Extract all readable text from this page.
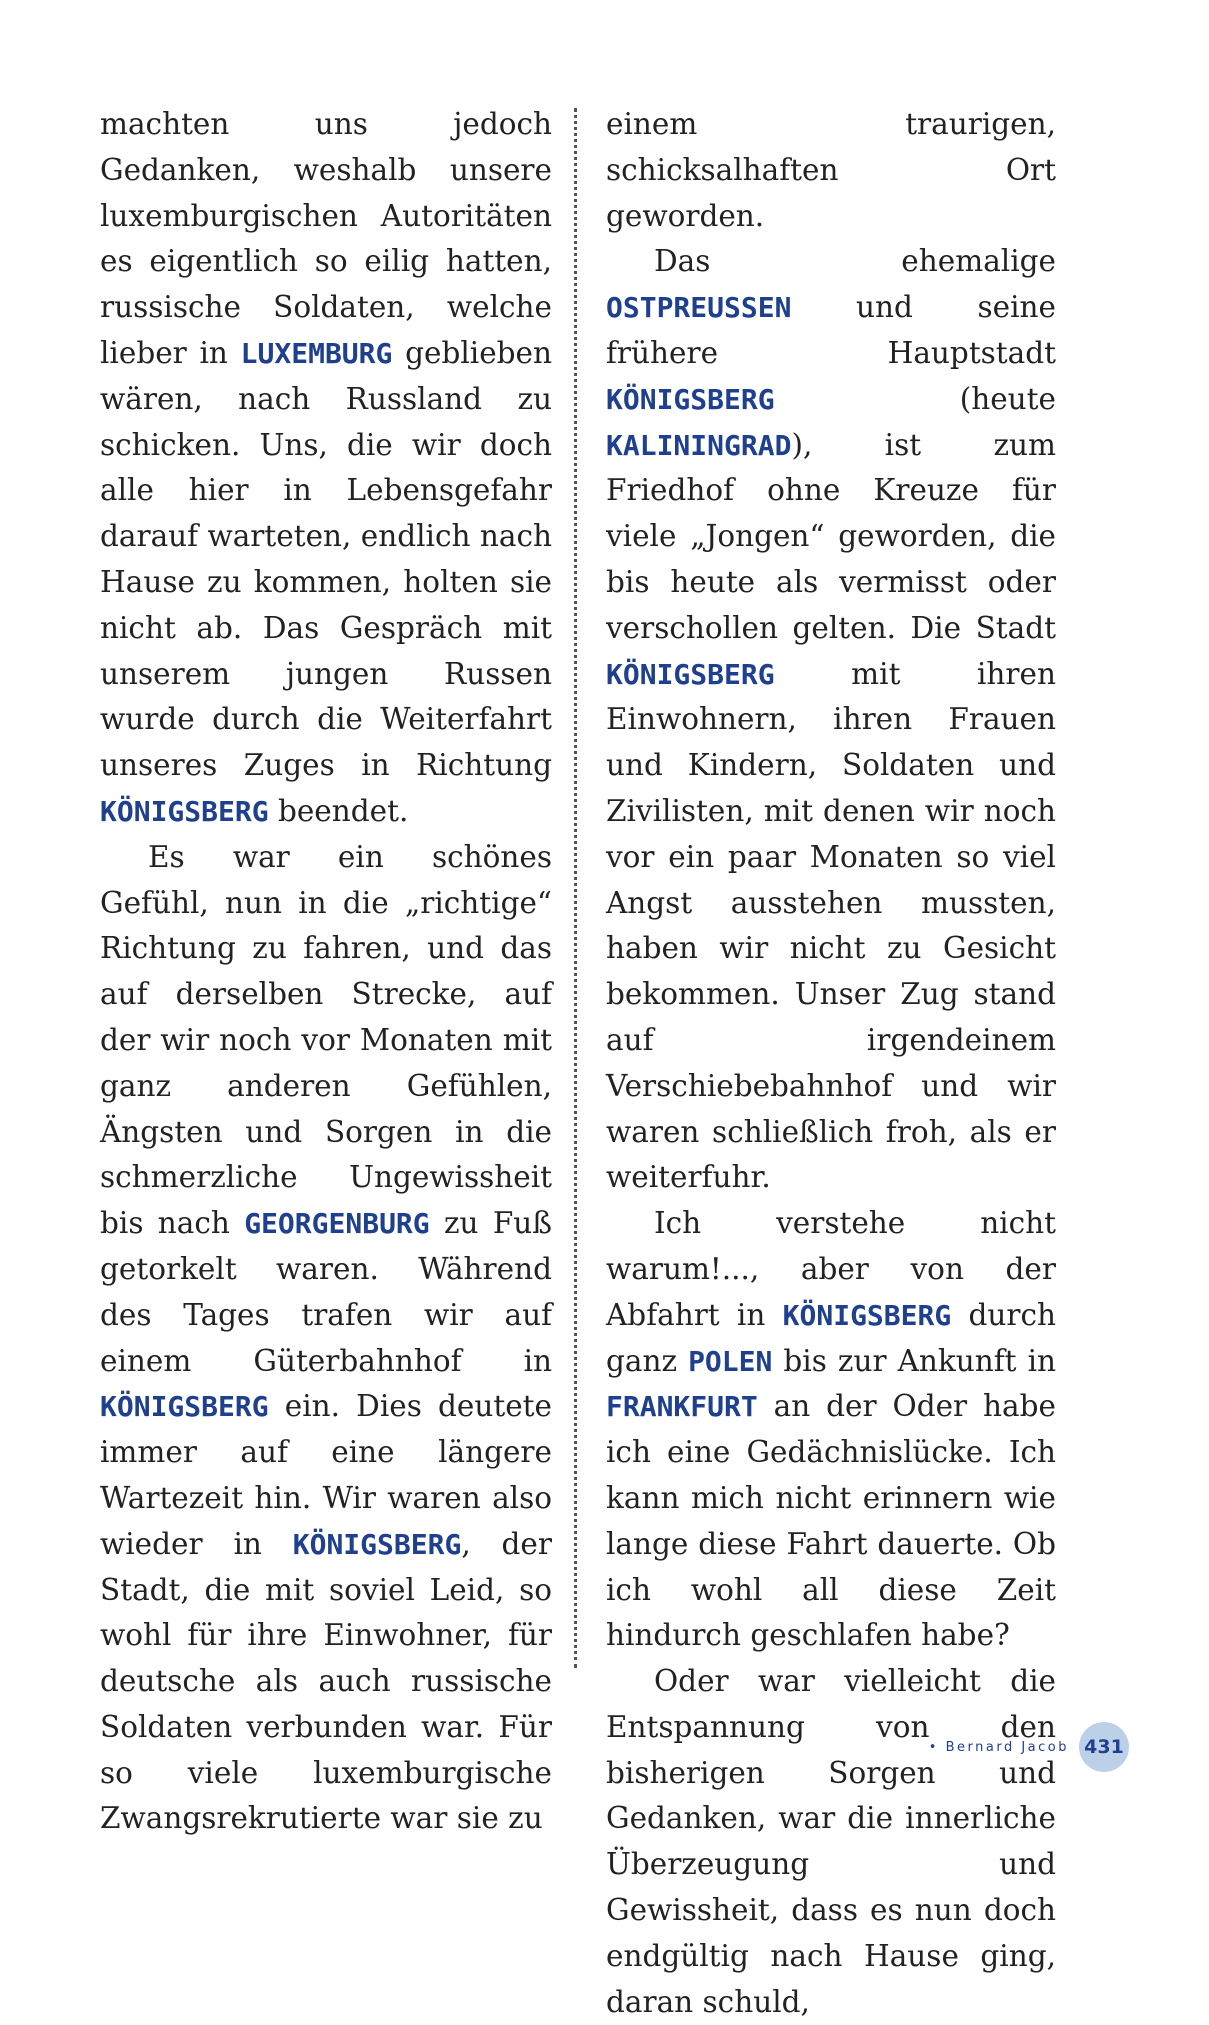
machten uns jedoch Gedanken, weshalb unsere luxemburgischen Autoritäten es eigentlich so eilig hatten, russische Soldaten, welche lieber in LUXEMBURG geblieben wären, nach Russland zu schicken. Uns, die wir doch alle hier in Lebensgefahr darauf warteten, endlich nach Hause zu kommen, holten sie nicht ab. Das Gespräch mit unserem jungen Russen wurde durch die Weiterfahrt unseres Zuges in Richtung KÖNIGSBERG beendet.

Es war ein schönes Gefühl, nun in die „richtige“ Richtung zu fahren, und das auf derselben Strecke, auf der wir noch vor Monaten mit ganz anderen Gefühlen, Ängsten und Sorgen in die schmerzliche Ungewissheit bis nach GEORGENBURG zu Fuß getorkelt waren. Während des Tages trafen wir auf einem Güterbahnhof in KÖNIGSBERG ein. Dies deutete immer auf eine längere Wartezeit hin. Wir waren also wieder in KÖNIGSBERG, der Stadt, die mit soviel Leid, so wohl für ihre Einwohner, für deutsche als auch russische Soldaten verbunden war. Für so viele luxemburgische Zwangsrekrutierte war sie zu

einem traurigen, schicksalhaften Ort geworden.

Das ehemalige OSTPREUSSEN und seine frühere Hauptstadt KÖNIGSBERG (heute KALININGRAD), ist zum Friedhof ohne Kreuze für viele „Jongen“ geworden, die bis heute als vermisst oder verschollen gelten. Die Stadt KÖNIGSBERG mit ihren Einwohnern, ihren Frauen und Kindern, Soldaten und Zivilisten, mit denen wir noch vor ein paar Monaten so viel Angst ausstehen mussten, haben wir nicht zu Gesicht bekommen. Unser Zug stand auf irgendeinem Verschiebebahnhof und wir waren schließlich froh, als er weiterfuhr.

Ich verstehe nicht warum!..., aber von der Abfahrt in KÖNIGSBERG durch ganz POLEN bis zur Ankunft in FRANKFURT an der Oder habe ich eine Gedächnislücke. Ich kann mich nicht erinnern wie lange diese Fahrt dauerte. Ob ich wohl all diese Zeit hindurch geschlafen habe?

Oder war vielleicht die Entspannung von den bisherigen Sorgen und Gedanken, war die innerliche Überzeugung und Gewissheit, dass es nun doch endgültig nach Hause ging, daran schuld,

• Bernard Jacob 431
